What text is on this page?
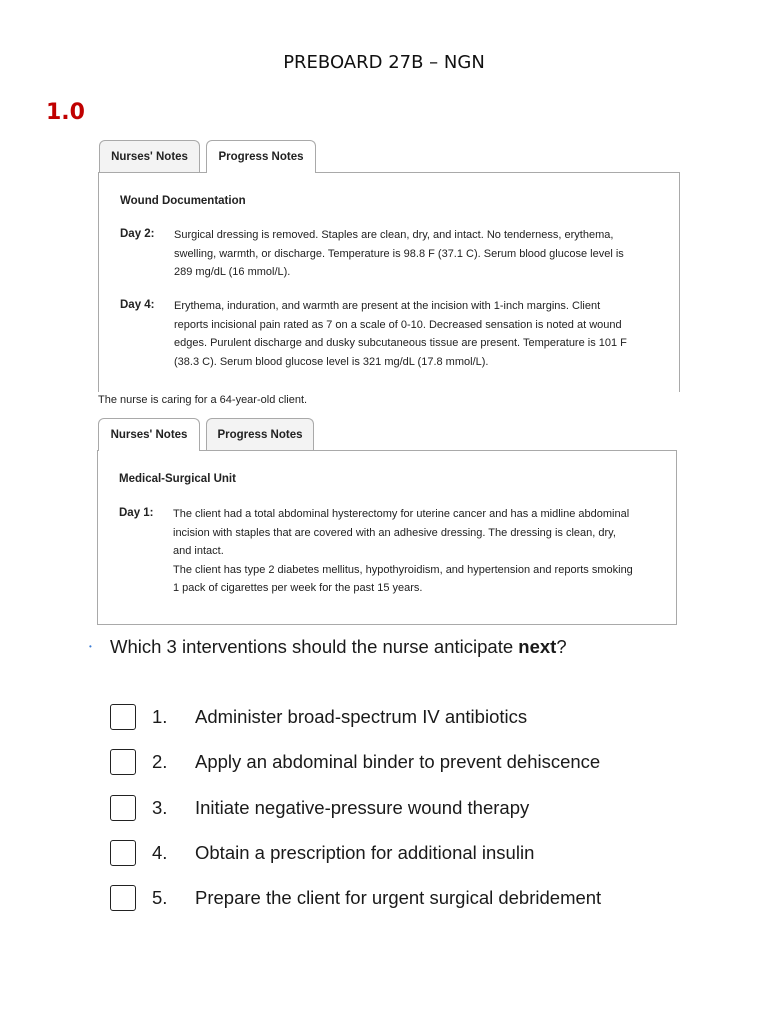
PREBOARD 27B – NGN
1.0
Nurses' Notes	Progress Notes
Wound Documentation
Day 2: Surgical dressing is removed. Staples are clean, dry, and intact. No tenderness, erythema,
swelling, warmth, or discharge. Temperature is 98.8 F (37.1 C). Serum blood glucose level is
289 mg/dL (16 mmol/L).
Day 4: Erythema, induration, and warmth are present at the incision with 1-inch margins. Client
reports incisional pain rated as 7 on a scale of 0-10. Decreased sensation is noted at wound
edges. Purulent discharge and dusky subcutaneous tissue are present. Temperature is 101 F
(38.3 C). Serum blood glucose level is 321 mg/dL (17.8 mmol/L).
The nurse is caring for a 64-year-old client.
Nurses' Notes	Progress Notes
Medical-Surgical Unit
Day 1: The client had a total abdominal hysterectomy for uterine cancer and has a midline abdominal
incision with staples that are covered with an adhesive dressing. The dressing is clean, dry,
and intact.
The client has type 2 diabetes mellitus, hypothyroidism, and hypertension and reports smoking
1 pack of cigarettes per week for the past 15 years.
• Which 3 interventions should the nurse anticipate next?
1. Administer broad-spectrum IV antibiotics
2. Apply an abdominal binder to prevent dehiscence
3. Initiate negative-pressure wound therapy
4. Obtain a prescription for additional insulin
5. Prepare the client for urgent surgical debridement
